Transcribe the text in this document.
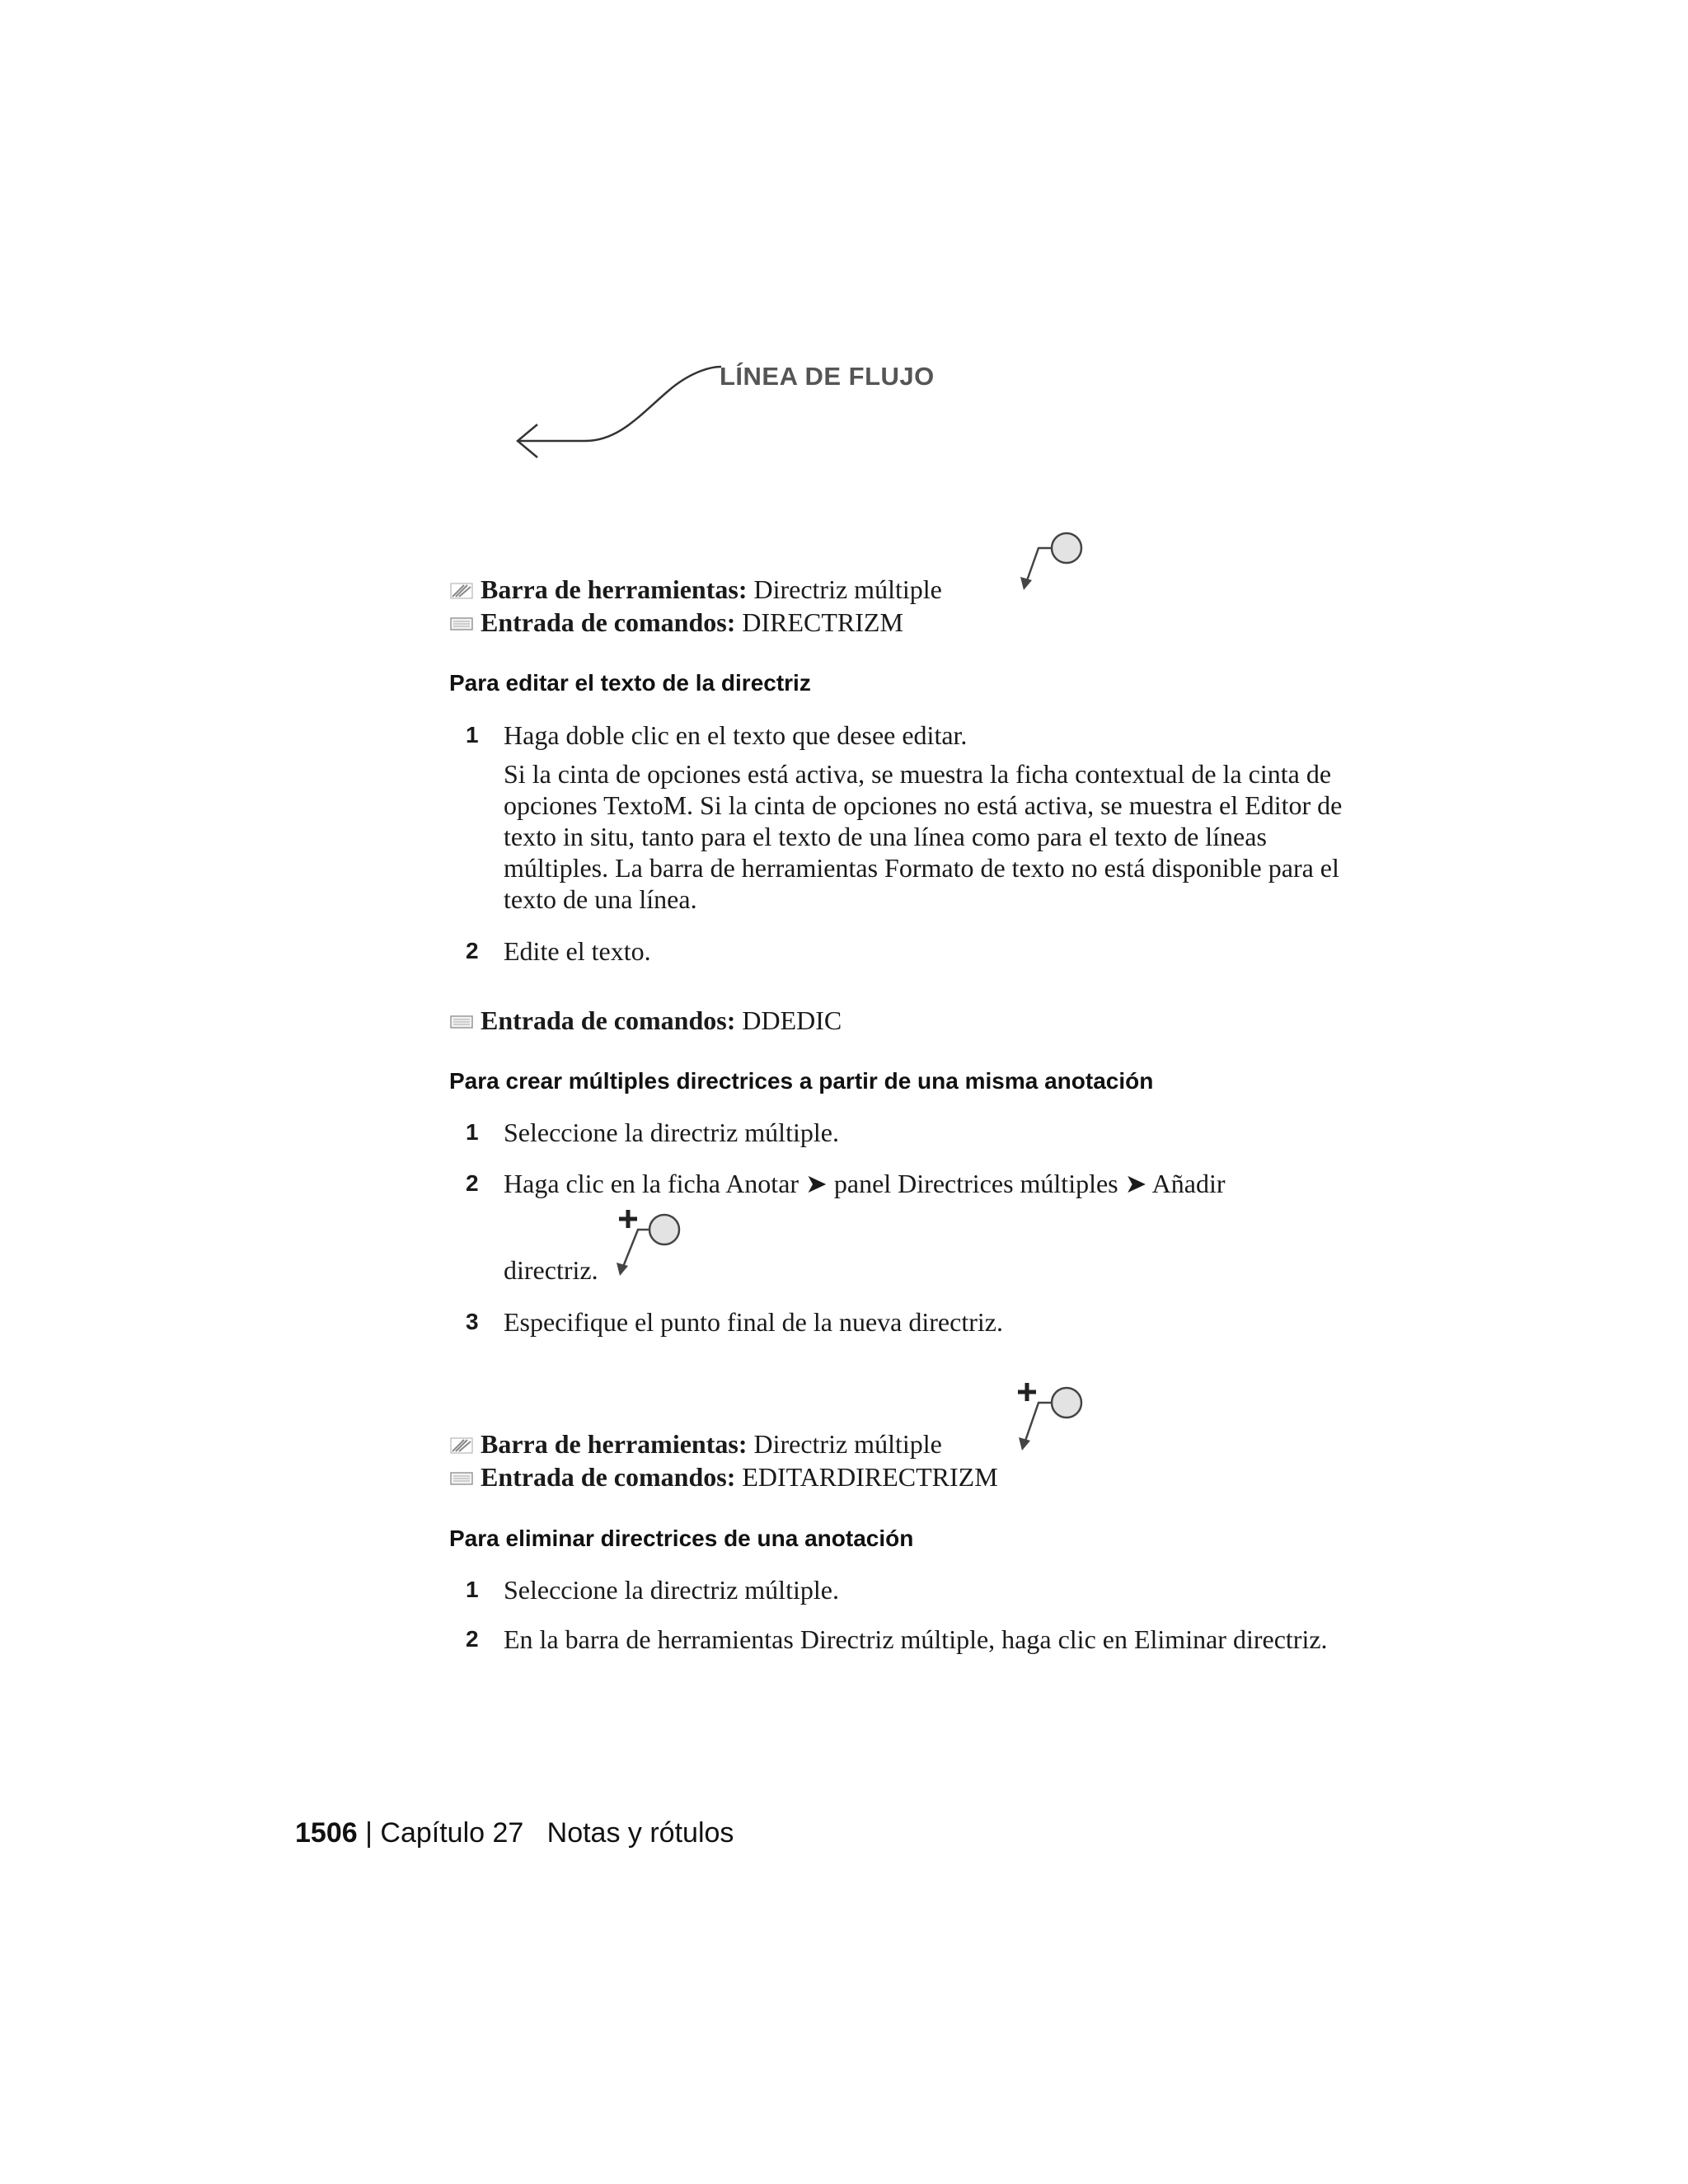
LÍNEA DE FLUJO
Barra de herramientas: Directriz múltiple
Entrada de comandos: DIRECTRIZM
Para editar el texto de la directriz
1 Haga doble clic en el texto que desee editar.
Si la cinta de opciones está activa, se muestra la ficha contextual de la cinta de opciones TextoM. Si la cinta de opciones no está activa, se muestra el Editor de texto in situ, tanto para el texto de una línea como para el texto de líneas múltiples. La barra de herramientas Formato de texto no está disponible para el texto de una línea.
2 Edite el texto.
Entrada de comandos: DDEDIC
Para crear múltiples directrices a partir de una misma anotación
1 Seleccione la directriz múltiple.
2 Haga clic en la ficha Anotar ➤ panel Directrices múltiples ➤ Añadir
directriz.
3 Especifique el punto final de la nueva directriz.
Barra de herramientas: Directriz múltiple
Entrada de comandos: EDITARDIRECTRIZM
Para eliminar directrices de una anotación
1 Seleccione la directriz múltiple.
2 En la barra de herramientas Directriz múltiple, haga clic en Eliminar directriz.
1506 | Capítulo 27 Notas y rótulos
